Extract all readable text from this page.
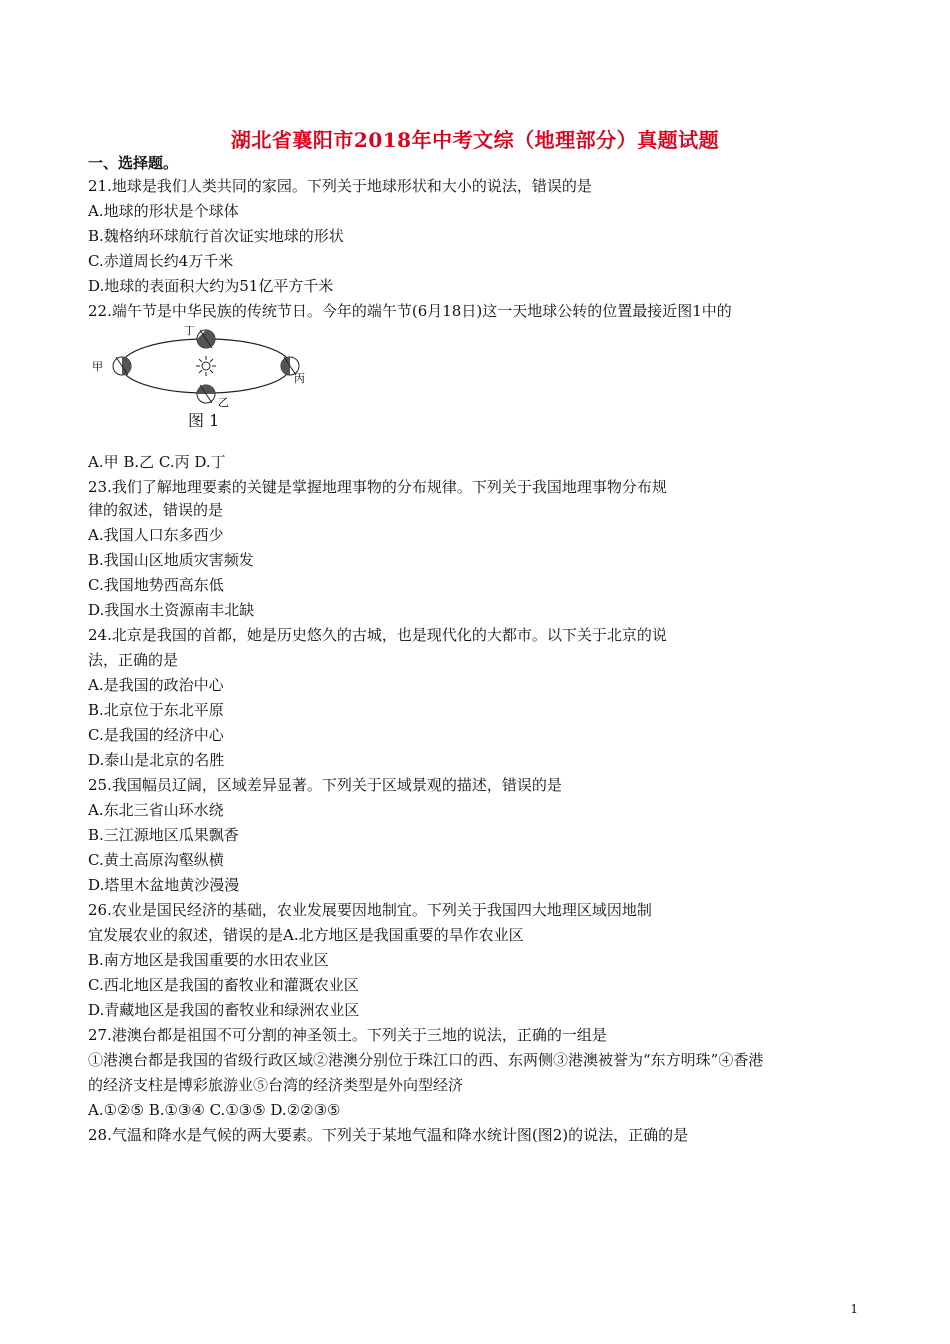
湖北省襄阳市2018年中考文综（地理部分）真题试题
一、选择题。
21.地球是我们人类共同的家园。下列关于地球形状和大小的说法，错误的是
A.地球的形状是个球体
B.魏格纳环球航行首次证实地球的形状
C.赤道周长约4万千米
D.地球的表面积大约为51亿平方千米
22.端午节是中华民族的传统节日。今年的端午节(6月18日)这一天地球公转的位置最接近图1中的
甲
丁
丙
乙
图 1
A.甲 B.乙 C.丙 D.丁
23.我们了解地理要素的关键是掌握地理事物的分布规律。下列关于我国地理事物分布规
律的叙述，错误的是
A.我国人口东多西少
B.我国山区地质灾害频发
C.我国地势西高东低
D.我国水土资源南丰北缺
24.北京是我国的首都，她是历史悠久的古城，也是现代化的大都市。以下关于北京的说
法，正确的是
A.是我国的政治中心
B.北京位于东北平原
C.是我国的经济中心
D.泰山是北京的名胜
25.我国幅员辽阔，区域差异显著。下列关于区域景观的描述，错误的是
A.东北三省山环水绕
B.三江源地区瓜果飘香
C.黄土高原沟壑纵横
D.塔里木盆地黄沙漫漫
26.农业是国民经济的基础，农业发展要因地制宜。下列关于我国四大地理区域因地制
宜发展农业的叙述，错误的是A.北方地区是我国重要的旱作农业区
B.南方地区是我国重要的水田农业区
C.西北地区是我国的畜牧业和灌溉农业区
D.青藏地区是我国的畜牧业和绿洲农业区
27.港澳台都是祖国不可分割的神圣领土。下列关于三地的说法，正确的一组是
①港澳台都是我国的省级行政区域②港澳分别位于珠江口的西、东两侧③港澳被誉为“东方明珠”④香港
的经济支柱是博彩旅游业⑤台湾的经济类型是外向型经济
A.①②⑤ B.①③④ C.①③⑤ D.②②③⑤
28.气温和降水是气候的两大要素。下列关于某地气温和降水统计图(图2)的说法，正确的是
1
